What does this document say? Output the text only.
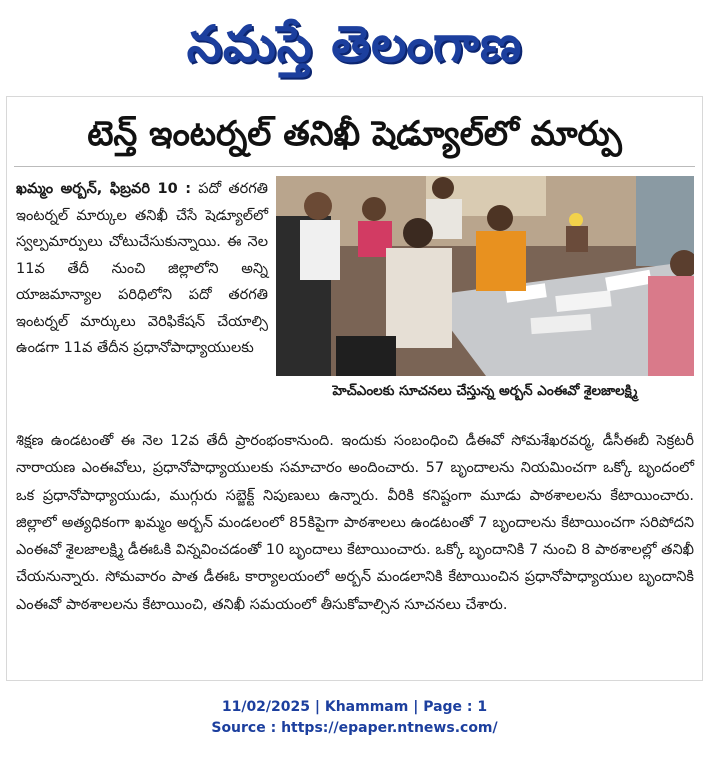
నమస్తే తెలంగాణ
టెన్త్ ఇంటర్నల్ తనిఖీ షెడ్యూల్‌లో మార్పు

ఖమ్మం అర్బన్, ఫిబ్రవరి 10 : పదో తరగతి ఇంటర్నల్ మార్కుల తనిఖీ చేసే షెడ్యూల్‌లో స్వల్పమార్పులు చోటుచేసుకున్నాయి. ఈ నెల 11వ తేదీ నుంచి జిల్లాలోని అన్ని యాజమాన్యాల పరిధిలోని పదో తరగతి ఇంటర్నల్ మార్కులు వెరిఫికేషన్ చేయాల్సి ఉండగా 11వ తేదీన ప్రధానోపాధ్యాయులకు

హెచ్ఎంలకు సూచనలు చేస్తున్న అర్బన్ ఎంఈవో శైలజాలక్ష్మి

శిక్షణ ఉండటంతో ఈ నెల 12వ తేదీ ప్రారంభంకానుంది. ఇందుకు సంబంధించి డీఈవో సోమశేఖరవర్మ, డీసీఈబీ సెక్రటరీ నారాయణ ఎంఈవోలు, ప్రధానోపాధ్యాయులకు సమాచారం అందించారు. 57 బృందాలను నియమించగా ఒక్కో బృందంలో ఒక ప్రధానోపాధ్యాయుడు, ముగ్గురు సబ్జెక్ట్ నిపుణులు ఉన్నారు. వీరికి కనిష్టంగా మూడు పాఠశాలలను కేటాయించారు. జిల్లాలో అత్యధికంగా ఖమ్మం అర్బన్ మండలంలో 85కిపైగా పాఠశాలలు ఉండటంతో 7 బృందాలను కేటాయించగా సరిపోదని ఎంఈవో శైలజాలక్ష్మి డీఈఓకి విన్నవించడంతో 10 బృందాలు కేటాయించారు. ఒక్కో బృందానికి 7 నుంచి 8 పాఠశాలల్లో తనిఖీ చేయనున్నారు. సోమవారం పాత డీఈఓ కార్యాలయంలో అర్బన్ మండలానికి కేటాయించిన ప్రధానోపాధ్యాయుల బృందానికి ఎంఈవో పాఠశాలలను కేటాయించి, తనిఖీ సమయంలో తీసుకోవాల్సిన సూచనలు చేశారు.

11/02/2025 | Khammam | Page : 1
Source : https://epaper.ntnews.com/
